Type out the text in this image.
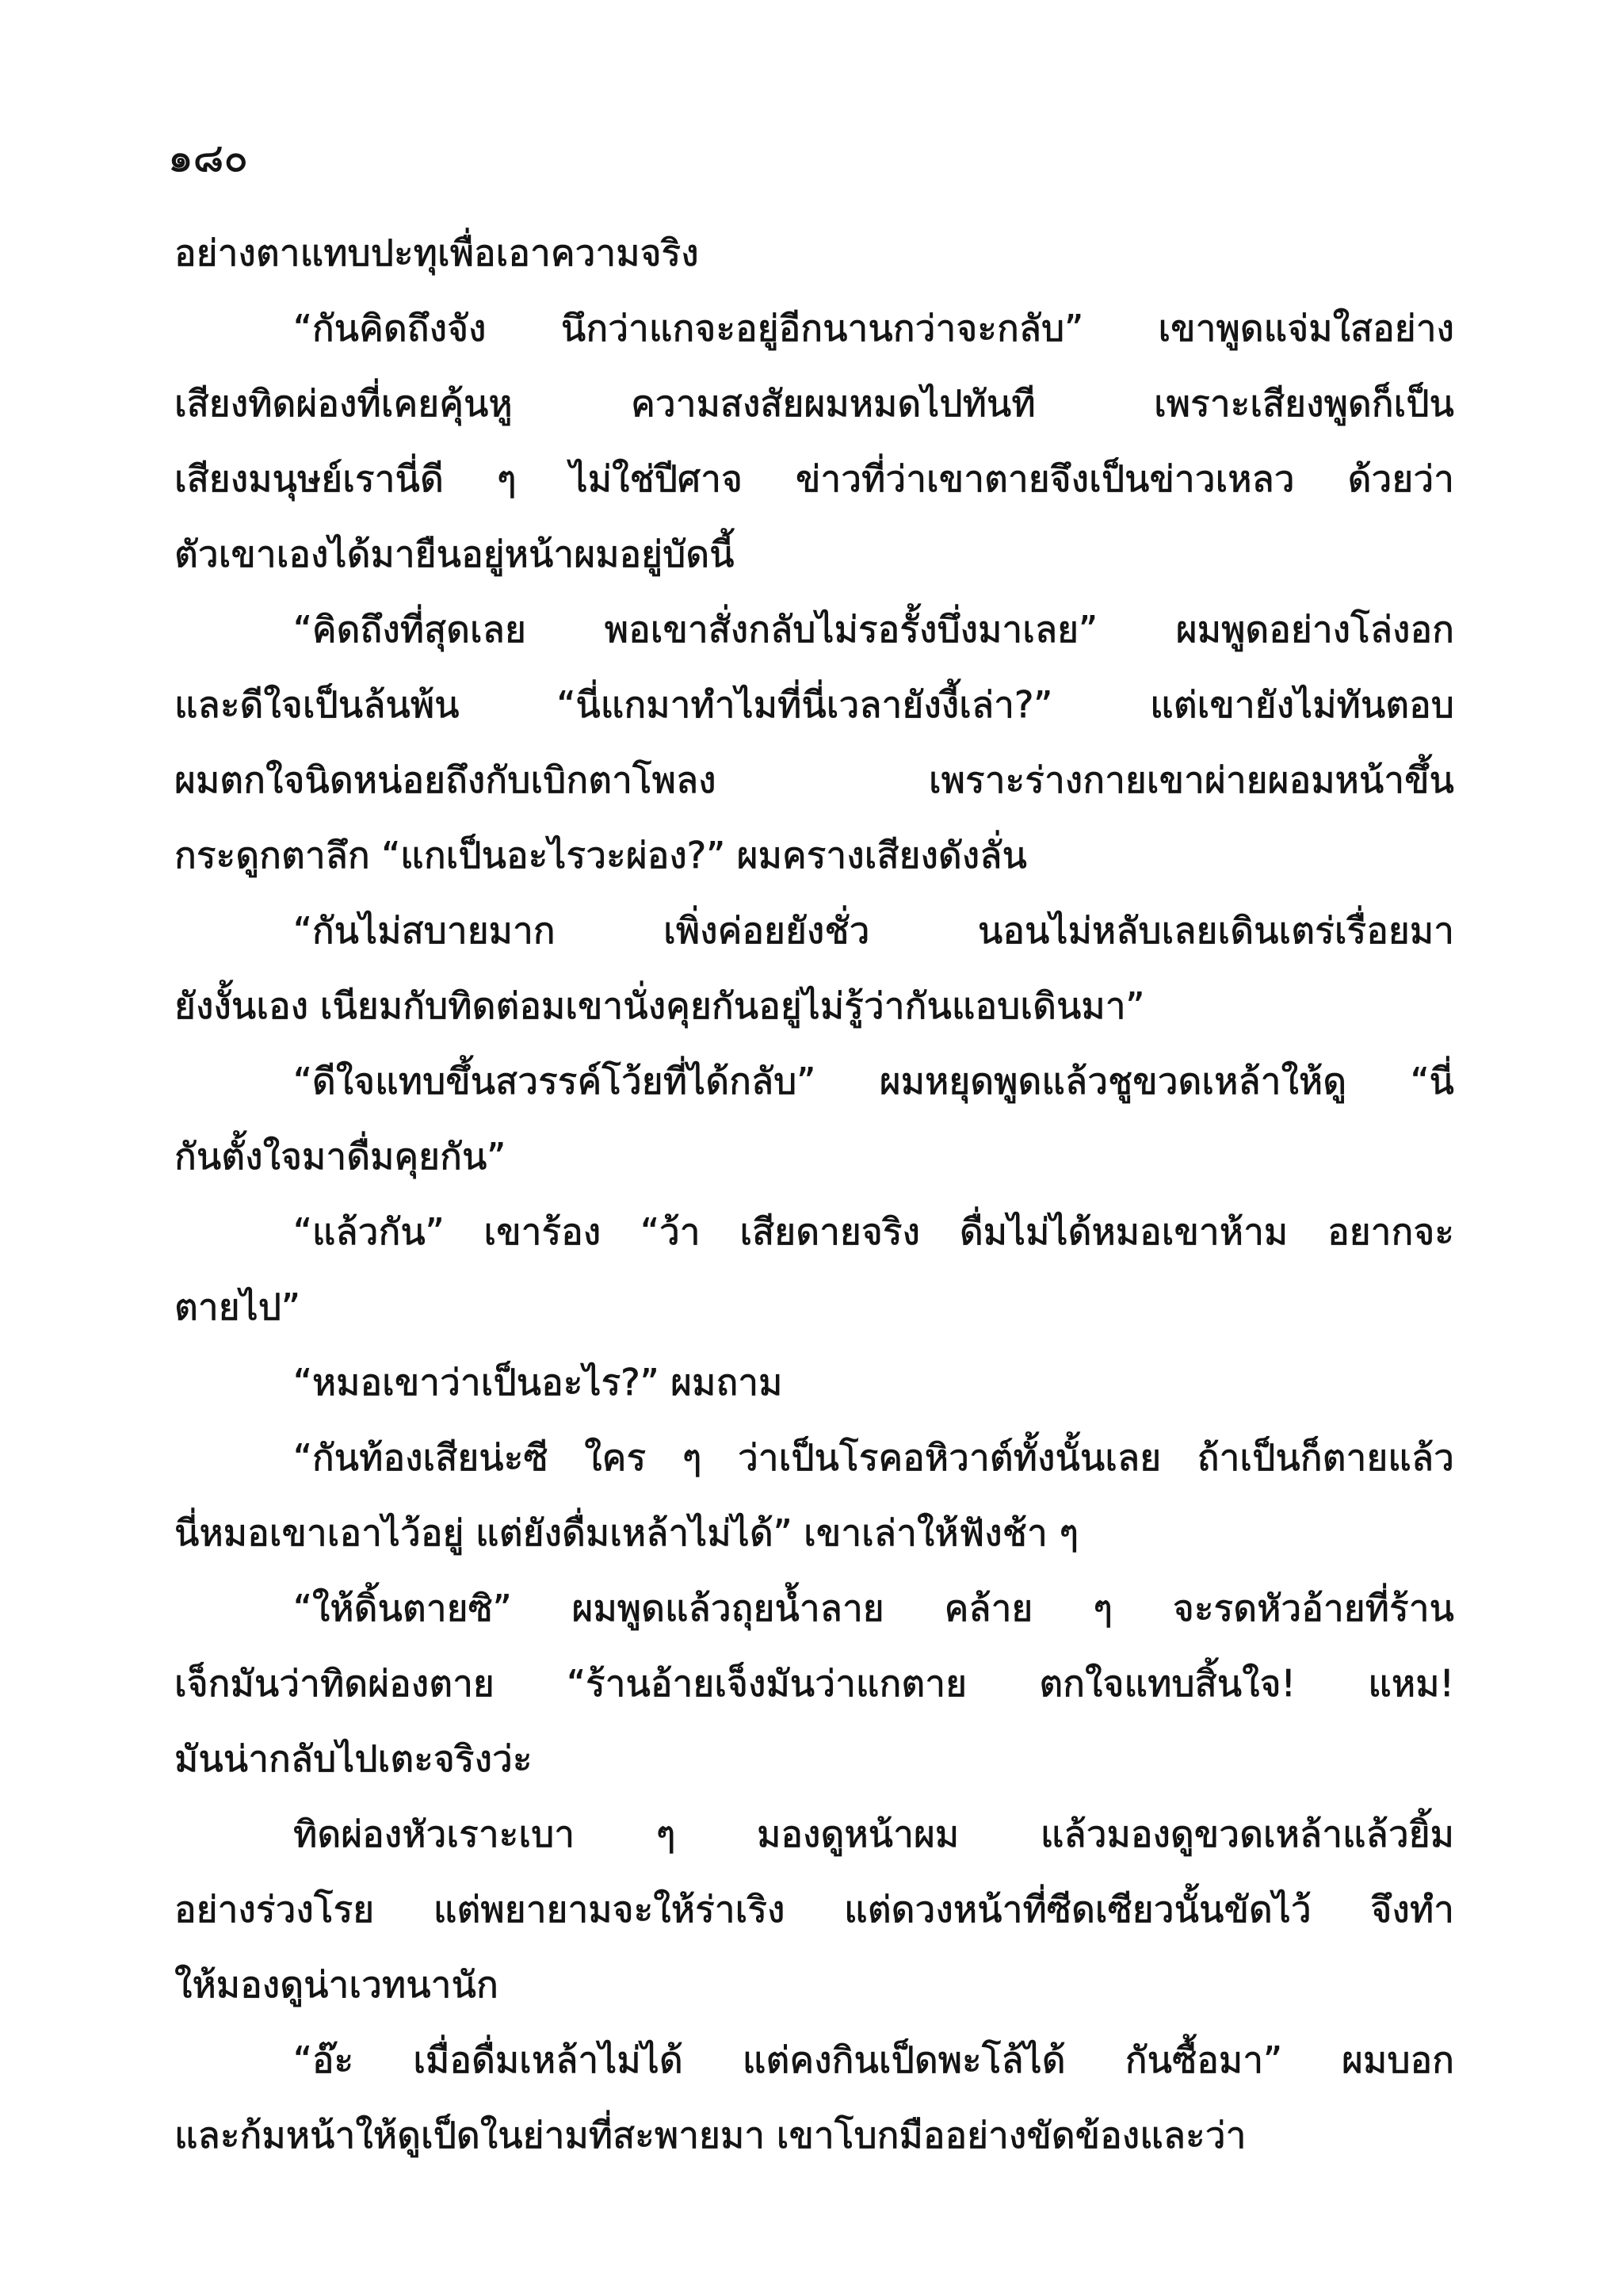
๑๘๐
อย่างตาแทบปะทุเพื่อเอาความจริง
“กันคิดถึงจัง นึกว่าแกจะอยู่อีกนานกว่าจะกลับ” เขาพูดแจ่มใสอย่าง
เสียงทิดผ่องที่เคยคุ้นหู	ความสงสัยผมหมดไปทันที	เพราะเสียงพูดก็เป็น
เสียงมนุษย์เรานี่ดี ๆ ไม่ใช่ปีศาจ ข่าวที่ว่าเขาตายจึงเป็นข่าวเหลว ด้วยว่า
ตัวเขาเองได้มายืนอยู่หน้าผมอยู่บัดนี้
“คิดถึงที่สุดเลย พอเขาสั่งกลับไม่รอรั้งบึ่งมาเลย” ผมพูดอย่างโล่งอก
และดีใจเป็นล้นพ้น “นี่แกมาทำไมที่นี่เวลายังงี้เล่า?” แต่เขายังไม่ทันตอบ
ผมตกใจนิดหน่อยถึงกับเบิกตาโพลง	เพราะร่างกายเขาผ่ายผอมหน้าขึ้น
กระดูกตาลึก “แกเป็นอะไรวะผ่อง?” ผมครางเสียงดังลั่น
“กันไม่สบายมาก	เพิ่งค่อยยังชั่ว	นอนไม่หลับเลยเดินเตร่เรื่อยมา
ยังงั้นเอง เนียมกับทิดต่อมเขานั่งคุยกันอยู่ไม่รู้ว่ากันแอบเดินมา”
“ดีใจแทบขึ้นสวรรค์โว้ยที่ได้กลับ” ผมหยุดพูดแล้วชูขวดเหล้าให้ดู “นี่
กันตั้งใจมาดื่มคุยกัน”
“แล้วกัน” เขาร้อง “ว้า เสียดายจริง ดื่มไม่ได้หมอเขาห้าม อยากจะ
ตายไป”
“หมอเขาว่าเป็นอะไร?” ผมถาม
“กันท้องเสียน่ะซี ใคร ๆ ว่าเป็นโรคอหิวาต์ทั้งนั้นเลย ถ้าเป็นก็ตายแล้ว
นี่หมอเขาเอาไว้อยู่ แต่ยังดื่มเหล้าไม่ได้” เขาเล่าให้ฟังช้า ๆ
“ให้ดิ้นตายซิ” ผมพูดแล้วถุยน้ำลาย คล้าย ๆ จะรดหัวอ้ายที่ร้าน
เจ็กมันว่าทิดผ่องตาย “ร้านอ้ายเจ็งมันว่าแกตาย ตกใจแทบสิ้นใจ! แหม!
มันน่ากลับไปเตะจริงว่ะ
ทิดผ่องหัวเราะเบา ๆ มองดูหน้าผม แล้วมองดูขวดเหล้าแล้วยิ้ม
อย่างร่วงโรย แต่พยายามจะให้ร่าเริง แต่ดวงหน้าที่ซีดเซียวนั้นขัดไว้ จึงทำ
ให้มองดูน่าเวทนานัก
“อ๊ะ เมื่อดื่มเหล้าไม่ได้ แต่คงกินเป็ดพะโล้ได้ กันซื้อมา” ผมบอก
และก้มหน้าให้ดูเป็ดในย่ามที่สะพายมา เขาโบกมืออย่างขัดข้องและว่า
